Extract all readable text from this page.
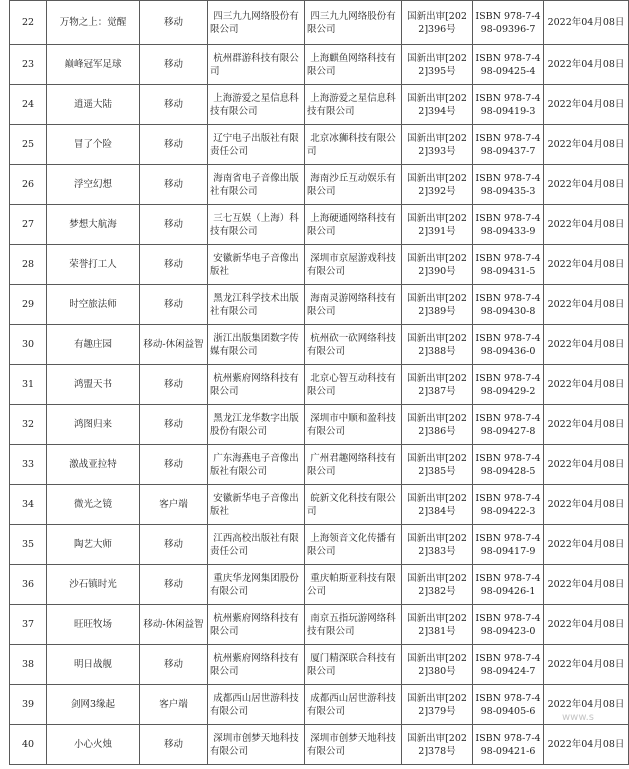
22	万物之上：觉醒	移动	四三九九网络股份有限公司	四三九九网络股份有限公司	国新出审[2022]396号	ISBN 978-7-498-09396-7	2022年04月08日
23	巅峰冠军足球	移动	杭州群游科技有限公司	上海麒鱼网络科技有限公司	国新出审[2022]395号	ISBN 978-7-498-09425-4	2022年04月08日
24	逍遥大陆	移动	上海游爱之星信息科技有限公司	上海游爱之星信息科技有限公司	国新出审[2022]394号	ISBN 978-7-498-09419-3	2022年04月08日
25	冒了个险	移动	辽宁电子出版社有限责任公司	北京冰狮科技有限公司	国新出审[2022]393号	ISBN 978-7-498-09437-7	2022年04月08日
26	浮空幻想	移动	海南省电子音像出版社有限公司	海南沙丘互动娱乐有限公司	国新出审[2022]392号	ISBN 978-7-498-09435-3	2022年04月08日
27	梦想大航海	移动	三七互娱（上海）科技有限公司	上海硬通网络科技有限公司	国新出审[2022]391号	ISBN 978-7-498-09433-9	2022年04月08日
28	荣誉打工人	移动	安徽新华电子音像出版社	深圳市京屋游戏科技有限公司	国新出审[2022]390号	ISBN 978-7-498-09431-5	2022年04月08日
29	时空旅法师	移动	黑龙江科学技术出版社有限公司	海南灵游网络科技有限公司	国新出审[2022]389号	ISBN 978-7-498-09430-8	2022年04月08日
30	有趣庄园	移动-休闲益智	浙江出版集团数字传媒有限公司	杭州砍一砍网络科技有限公司	国新出审[2022]388号	ISBN 978-7-498-09436-0	2022年04月08日
31	鸿盟天书	移动	杭州紫府网络科技有限公司	北京心智互动科技有限公司	国新出审[2022]387号	ISBN 978-7-498-09429-2	2022年04月08日
32	鸿图归来	移动	黑龙江龙华数字出版股份有限公司	深圳市中顺和盈科技有限公司	国新出审[2022]386号	ISBN 978-7-498-09427-8	2022年04月08日
33	激战亚拉特	移动	广东海燕电子音像出版社有限公司	广州君趣网络科技有限公司	国新出审[2022]385号	ISBN 978-7-498-09428-5	2022年04月08日
34	微光之镜	客户端	安徽新华电子音像出版社	皖新文化科技有限公司	国新出审[2022]384号	ISBN 978-7-498-09422-3	2022年04月08日
35	陶艺大师	移动	江西高校出版社有限责任公司	上海领音文化传播有限公司	国新出审[2022]383号	ISBN 978-7-498-09417-9	2022年04月08日
36	沙石镇时光	移动	重庆华龙网集团股份有限公司	重庆帕斯亚科技有限公司	国新出审[2022]382号	ISBN 978-7-498-09426-1	2022年04月08日
37	旺旺牧场	移动-休闲益智	杭州紫府网络科技有限公司	南京五指玩游网络科技有限公司	国新出审[2022]381号	ISBN 978-7-498-09423-0	2022年04月08日
38	明日战舰	移动	杭州紫府网络科技有限公司	厦门精深联合科技有限公司	国新出审[2022]380号	ISBN 978-7-498-09424-7	2022年04月08日
39	剑网3缘起	客户端	成都西山居世游科技有限公司	成都西山居世游科技有限公司	国新出审[2022]379号	ISBN 978-7-498-09405-6	2022年04月08日
40	小心火烛	移动	深圳市创梦天地科技有限公司	深圳市创梦天地科技有限公司	国新出审[2022]378号	ISBN 978-7-498-09421-6	2022年04月08日
www.s
